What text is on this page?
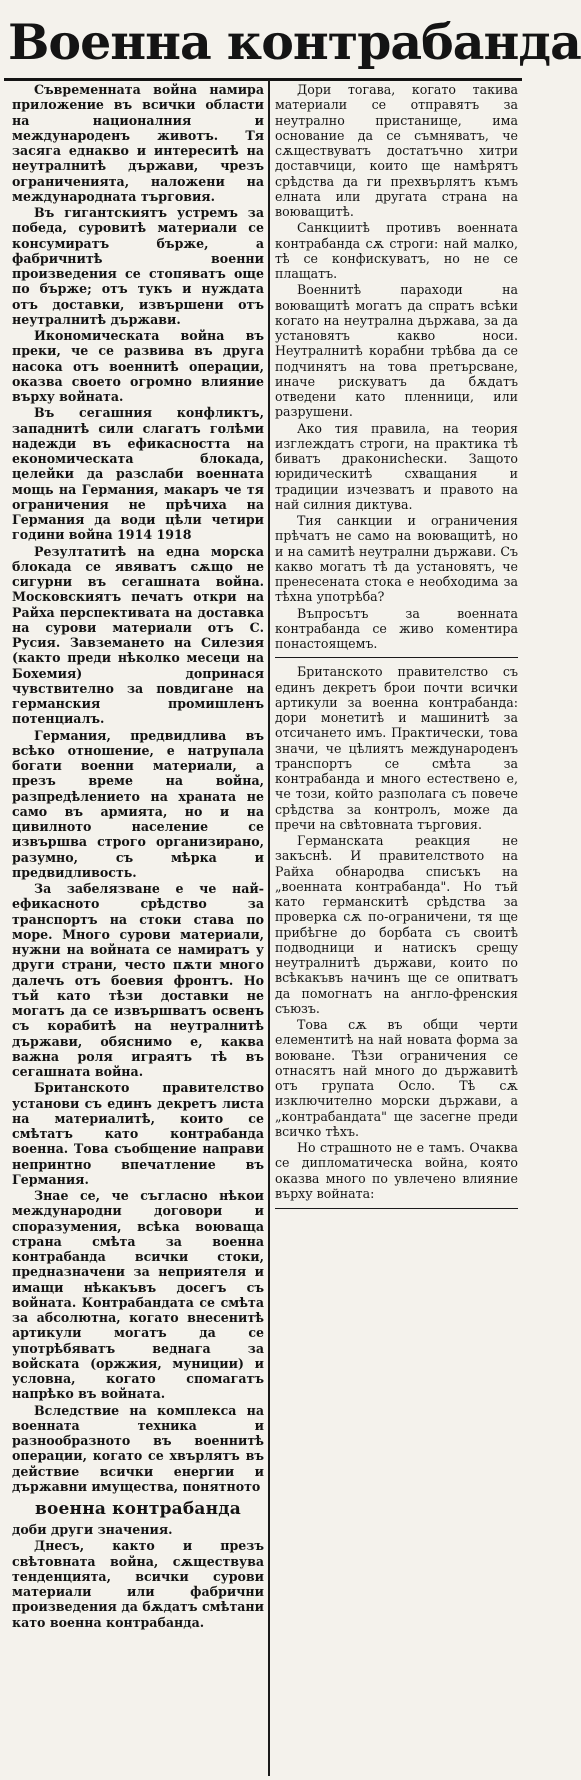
Военна контрабанда

Съвременната война намира приложение въ всички области на националния и международенъ животъ. Тя засяга еднакво и интереситѣ на неутралнитѣ държави, чрезъ ограниченията, наложени на международната търговия.

Въ гигантскиятъ устремъ за победа, суровитѣ материали се консумиратъ бърже, а фабричнитѣ военни произведения се стопяватъ още по бърже; отъ тукъ и нуждата отъ доставки, извършени отъ неутралнитѣ държави.

Икономическата война въ преки, че се развива въ друга насока отъ военнитѣ операции, оказва своето огромно влияние върху войната.

Въ сегашния конфликтъ, западнитѣ сили слагатъ голѣми надежди въ ефикасността на економическата блокада, целейки да разслаби военната мощь на Германия, макаръ че тя ограничения не прѣчиха на Германия да води цѣли четири години война 1914 1918

Резултатитѣ на една морска блокада се явяватъ сѫщо не сигурни въ сегашната война. Московскиятъ печатъ откри на Райха перспективата на доставка на сурови материали отъ С. Русия. Завземането на Силезия (както преди нѣколко месеци на Бохемия) допринася чувствително за повдигане на германския промишленъ потенциалъ.

Германия, предвидлива въ всѣко отношение, е натрупала богати военни материали, а презъ време на война, разпредѣлението на храната не само въ армията, но и на цивилното население се извършва строго организирано, разумно, съ мѣрка и предвидливость.

За забелязване е че най-ефикасното срѣдство за транспортъ на стоки става по море. Много сурови материали, нужни на войната се намиратъ у други страни, често пѫти много далечъ отъ боевия фронтъ. Но тъй като тѣзи доставки не могатъ да се извършватъ освенъ съ корабитѣ на неутралнитѣ държави, обяснимо е, каква важна роля играятъ тѣ въ сегашната война.

Британското правителство установи съ единъ декретъ листа на материалитѣ, които се смѣтатъ като контрабанда военна. Това съобщение направи непринтно впечатление въ Германия.

Знае се, че съгласно нѣкои международни договори и споразумения, всѣка воюваща страна смѣта за военна контрабанда всички стоки, предназначени за неприятеля и имащи нѣкакъвъ досегъ съ войната. Контрабандата се смѣта за абсолютна, когато внесенитѣ артикули могатъ да се употрѣбяватъ веднага за войската (оржжия, муниции) и условна, когато спомагатъ напрѣко въ войната.

Вследствие на комплекса на военната техника и разнообразното въ военнитѣ операции, когато се хвърлятъ въ действие всички енергии и държавни имущества, понятното

военна контрабанда

доби други значения.

Днесъ, както и презъ свѣтовната война, сѫществува тенденцията, всички сурови материали или фабрични произведения да бѫдатъ смѣтани като военна контрабанда.

Дори тогава, когато такива материали се отправятъ за неутрално пристанище, има основание да се съмняватъ, че сѫществуватъ достатъчно хитри доставчици, които ще намѣрятъ срѣдства да ги прехвърлятъ къмъ елната или другата страна на воюващитѣ.

Санкциитѣ противъ военната контрабанда сѫ строги: най малко, тѣ се конфискуватъ, но не се плащатъ.

Военнитѣ параходи на воюващитѣ могатъ да спратъ всѣки когато на неутрална държава, за да установятъ какво носи. Неутралнитѣ корабни трѣбва да се подчинятъ на това претърсване, иначе рискуватъ да бѫдатъ отведени като пленници, или разрушени.

Ако тия правила, на теория изглеждатъ строги, на практика тѣ биватъ дракониchески. Защото юридическитѣ схващания и традиции изчезватъ и правото на най силния диктува.

Тия санкции и ограничения прѣчатъ не само на воюващитѣ, но и на самитѣ неутрални държави. Съ какво могатъ тѣ да установятъ, че пренесената стока е необходима за тѣхна употрѣба?

Въпросътъ за военната контрабанда се живо коментира понастоящемъ.

Британското правителство съ единъ декретъ брои почти всички артикули за военна контрабанда: дори монетитѣ и машинитѣ за отсичането имъ. Практически, това значи, че цѣлиятъ международенъ транспортъ се смѣта за контрабанда и много естествено е, че този, който разполага съ повече срѣдства за контролъ, може да пречи на свѣтовната търговия.

Германската реакция не закъснѣ. И правителството на Райха обнародва списъкъ на „военната контрабанда". Но тъй като германскитѣ срѣдства за проверка сѫ по-ограничени, тя ще прибѣгне до борбата съ своитѣ подводници и натискъ срещу неутралнитѣ държави, които по всѣкакъвъ начинъ ще се опитватъ да помогнатъ на англо-френския съюзъ.

Това сѫ въ общи черти елементитѣ на най новата форма за воюване. Тѣзи ограничения се отнасятъ най много до държавитѣ отъ групата Осло. Тѣ сѫ изключително морски държави, а „контрабандата" ще засегне преди всичко тѣхъ.

Но страшното не е тамъ. Очаква се дипломатическа война, която оказва много по увлечено влияние върху войната:
